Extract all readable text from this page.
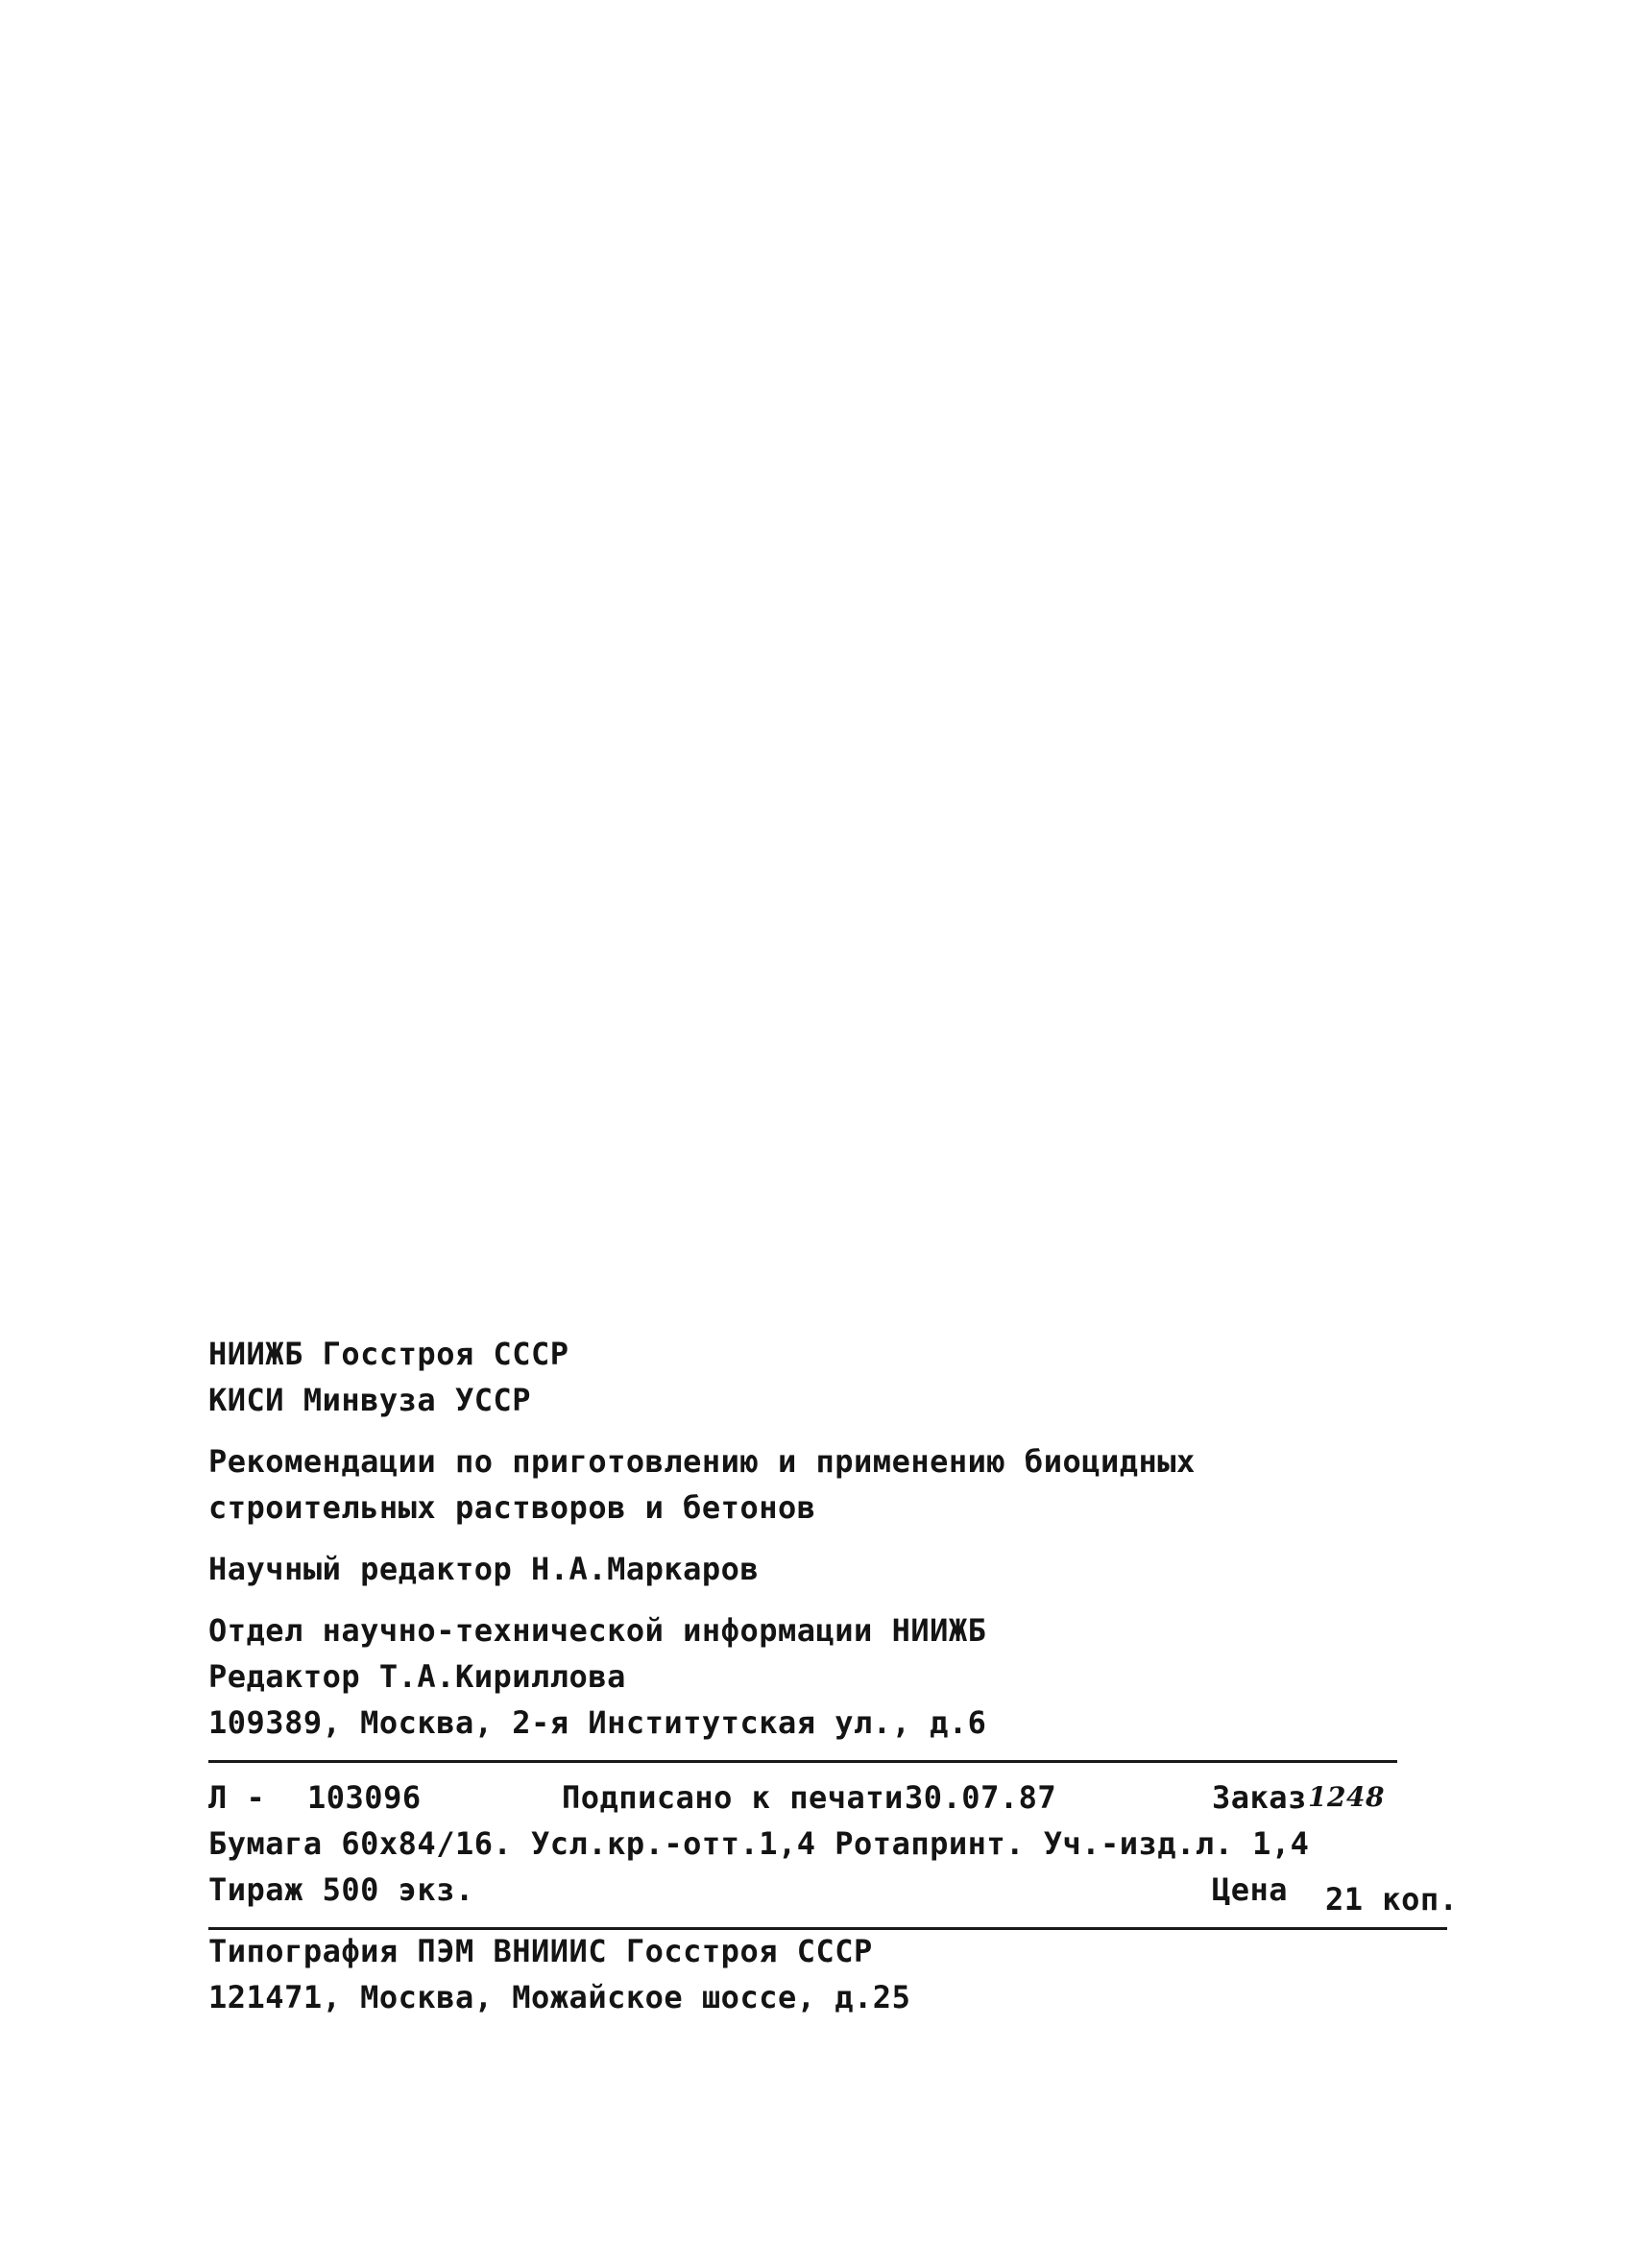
НИИЖБ Госстроя СССР
КИСИ Минвуза УССР
Рекомендации по приготовлению и применению биоцидных
строительных растворов и бетонов
Научный редактор Н.А.Маркаров
Отдел научно-технической информации НИИЖБ
Редактор Т.А.Кириллова
109389, Москва, 2-я Институтская ул., д.6
Л - 103096	Подписано к печати 30.07.87	Заказ 1248
Бумага 60х84/16. Усл.кр.-отт.1,4 Ротапринт. Уч.-изд.л. 1,4
Тираж 500 экз.	Цена 21 коп.
Типография ПЭМ ВНИИИС Госстроя СССР
121471, Москва, Можайское шоссе, д.25
